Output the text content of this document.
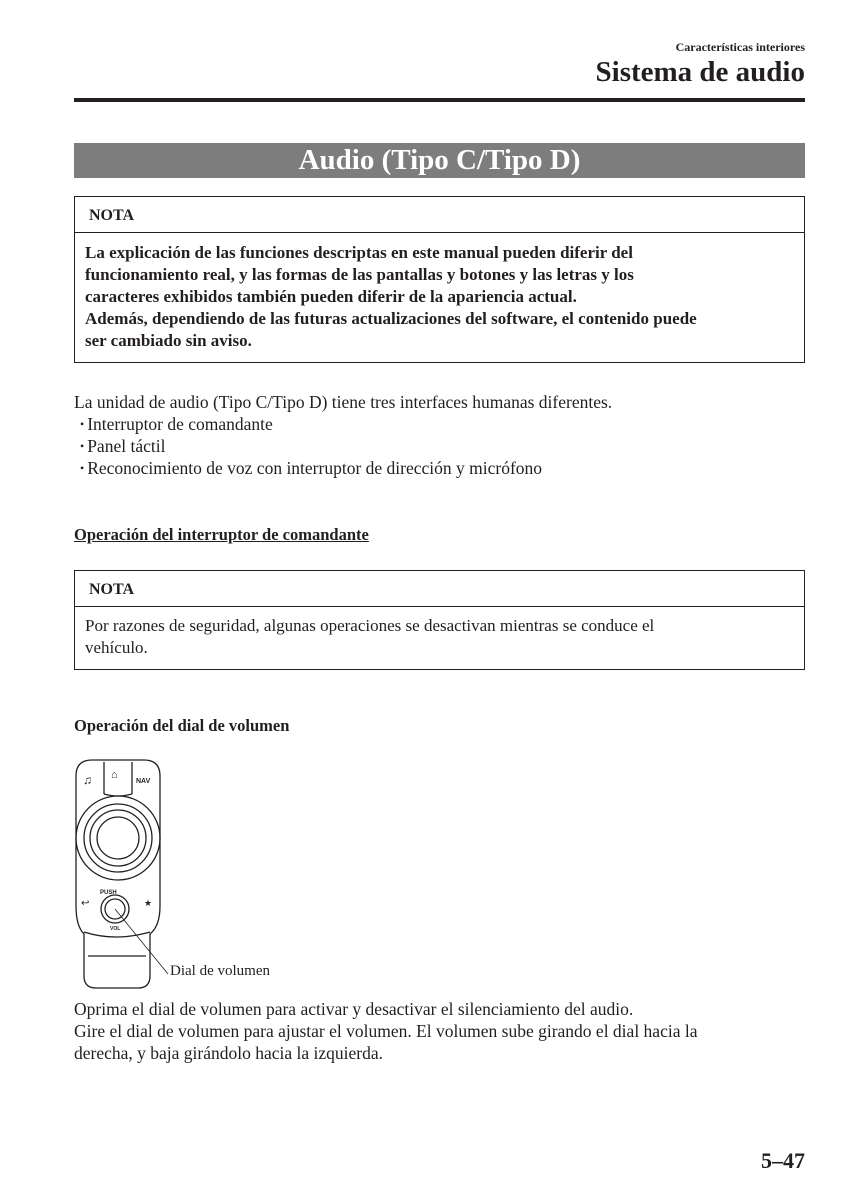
Características interiores
Sistema de audio
Audio (Tipo C/Tipo D)
NOTA
La explicación de las funciones descriptas en este manual pueden diferir del
funcionamiento real, y las formas de las pantallas y botones y las letras y los
caracteres exhibidos también pueden diferir de la apariencia actual.
Además, dependiendo de las futuras actualizaciones del software, el contenido puede
ser cambiado sin aviso.
La unidad de audio (Tipo C/Tipo D) tiene tres interfaces humanas diferentes.
• Interruptor de comandante
• Panel táctil
• Reconocimiento de voz con interruptor de dirección y micrófono
Operación del interruptor de comandante
NOTA
Por razones de seguridad, algunas operaciones se desactivan mientras se conduce el
vehículo.
Operación del dial de volumen
♫ ⌂
NAV
PUSH
VOL
↩	★
Dial de volumen
Oprima el dial de volumen para activar y desactivar el silenciamiento del audio.
Gire el dial de volumen para ajustar el volumen. El volumen sube girando el dial hacia la
derecha, y baja girándolo hacia la izquierda.
5–47
